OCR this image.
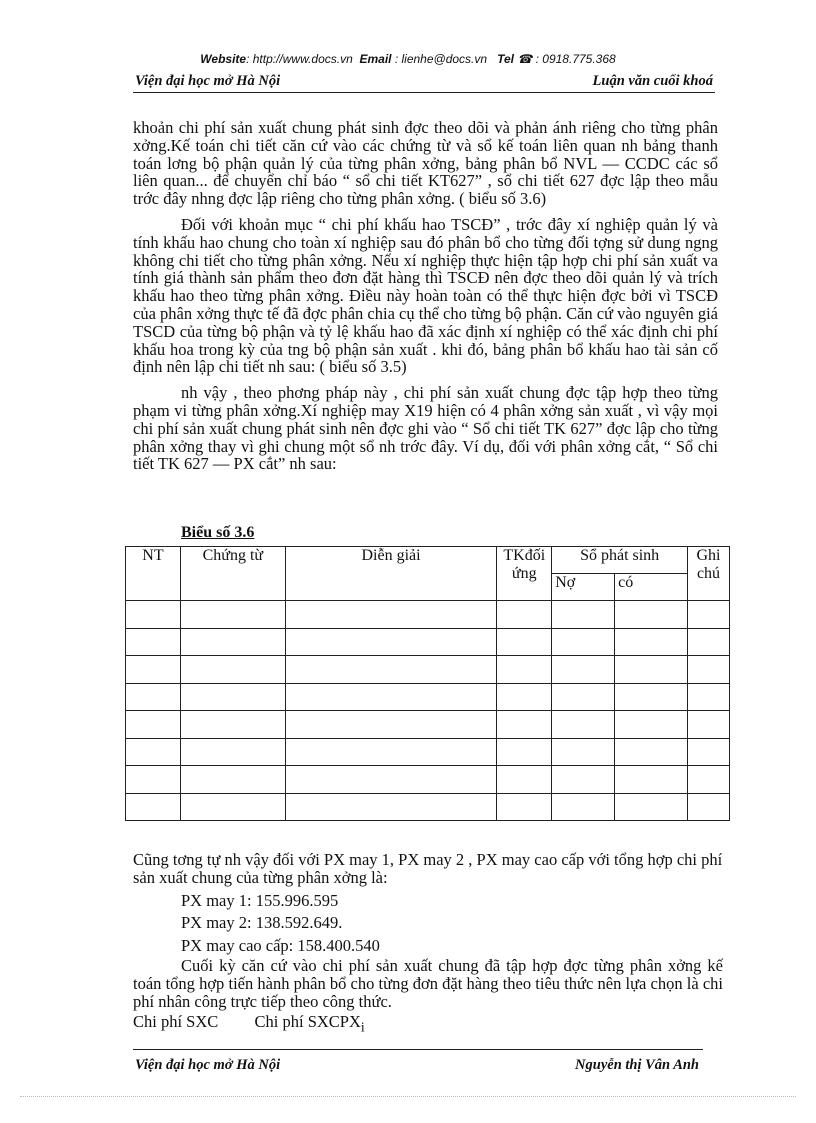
Website: http://www.docs.vn Email : lienhe@docs.vn Tel ☎ : 0918.775.368
Viện đại học mở Hà Nội	Luận văn cuối khoá

khoản chi phí sản xuất chung phát sinh đợc theo dõi và phản ánh riêng cho từng phân xởng.Kế toán chi tiết căn cứ vào các chứng từ và sổ kế toán liên quan nh bảng thanh toán lơng bộ phận quản lý của từng phân xởng, bảng phân bổ NVL — CCDC các sổ liên quan... để chuyển chỉ báo “ sổ chi tiết KT627” , sổ chi tiết 627 đợc lập theo mẫu trớc đây nhng đợc lập riêng cho từng phân xởng. ( biểu số 3.6)

Đối với khoản mục “ chi phí khấu hao TSCĐ” , trớc đây xí nghiệp quản lý và tính khấu hao chung cho toàn xí nghiệp sau đó phân bổ cho từng đối tợng sử dung ngng không chi tiết cho từng phân xởng. Nếu xí nghiệp thực hiện tập hợp chi phí sản xuất va tính giá thành sản phẩm theo đơn đặt hàng thì TSCĐ nên đợc theo dõi quản lý và trích khấu hao theo từng phân xởng. Điều này hoàn toàn có thể thực hiện đợc bởi vì TSCĐ của phân xởng thực tế đã đợc phân chia cụ thể cho từng bộ phận. Căn cứ vào nguyên giá TSCD của từng bộ phận và tỷ lệ khấu hao đã xác định xí nghiệp có thể xác định chi phí khấu hoa trong kỳ của tng bộ phận sản xuất . khi đó, bảng phân bổ khấu hao tài sản cố định nên lập chi tiết nh sau: ( biểu số 3.5)

nh vậy , theo phơng pháp này , chi phí sản xuất chung đợc tập hợp theo từng phạm vi từng phân xởng.Xí nghiệp may X19 hiện có 4 phân xởng sản xuất , vì vậy mọi chi phí sản xuất chung phát sinh nên đợc ghi vào “ Sổ chi tiết TK 627” đợc lập cho từng phân xởng thay vì ghi chung một sổ nh trớc đây. Ví dụ, đối với phân xởng cắt, “ Sổ chi tiết TK 627 — PX cắt” nh sau:

Biểu số 3.6
NT	Chứng từ	Diễn giải	TKđối ứng	Sổ phát sinh		Ghi chú
				Nợ	có	

Cũng tơng tự nh vậy đối với PX may 1, PX may 2 , PX may cao cấp với tổng hợp chi phí sản xuất chung của từng phân xởng là:

PX may 1: 155.996.595

PX may 2: 138.592.649.

PX may cao cấp: 158.400.540

Cuối kỳ căn cứ vào chi phí sản xuất chung đã tập hợp đợc từng phân xởng kế toán tổng hợp tiến hành phân bổ cho từng đơn đặt hàng theo tiêu thức nên lựa chọn là chi phí nhân công trực tiếp theo công thức.

Chi phí SXC Chi phí $SXCPX_i$

Viện đại học mở Hà Nội	Nguyễn thị Vân Anh
